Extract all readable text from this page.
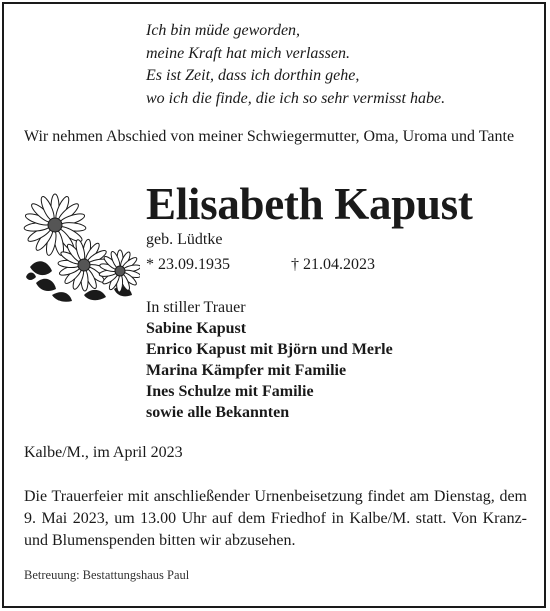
Ich bin müde geworden,
meine Kraft hat mich verlassen.
Es ist Zeit, dass ich dorthin gehe,
wo ich die finde, die ich so sehr vermisst habe.
Wir nehmen Abschied von meiner Schwiegermutter, Oma, Uroma und Tante
Elisabeth Kapust
geb. Lüdtke
* 23.09.1935	† 21.04.2023
In stiller Trauer
Sabine Kapust
Enrico Kapust mit Björn und Merle
Marina Kämpfer mit Familie
Ines Schulze mit Familie
sowie alle Bekannten
Kalbe/M., im April 2023
Die Trauerfeier mit anschließender Urnenbeisetzung findet am Dienstag, dem 9. Mai 2023, um 13.00 Uhr auf dem Friedhof in Kalbe/M. statt. Von Kranz- und Blumenspenden bitten wir abzusehen.
Betreuung: Bestattungshaus Paul
